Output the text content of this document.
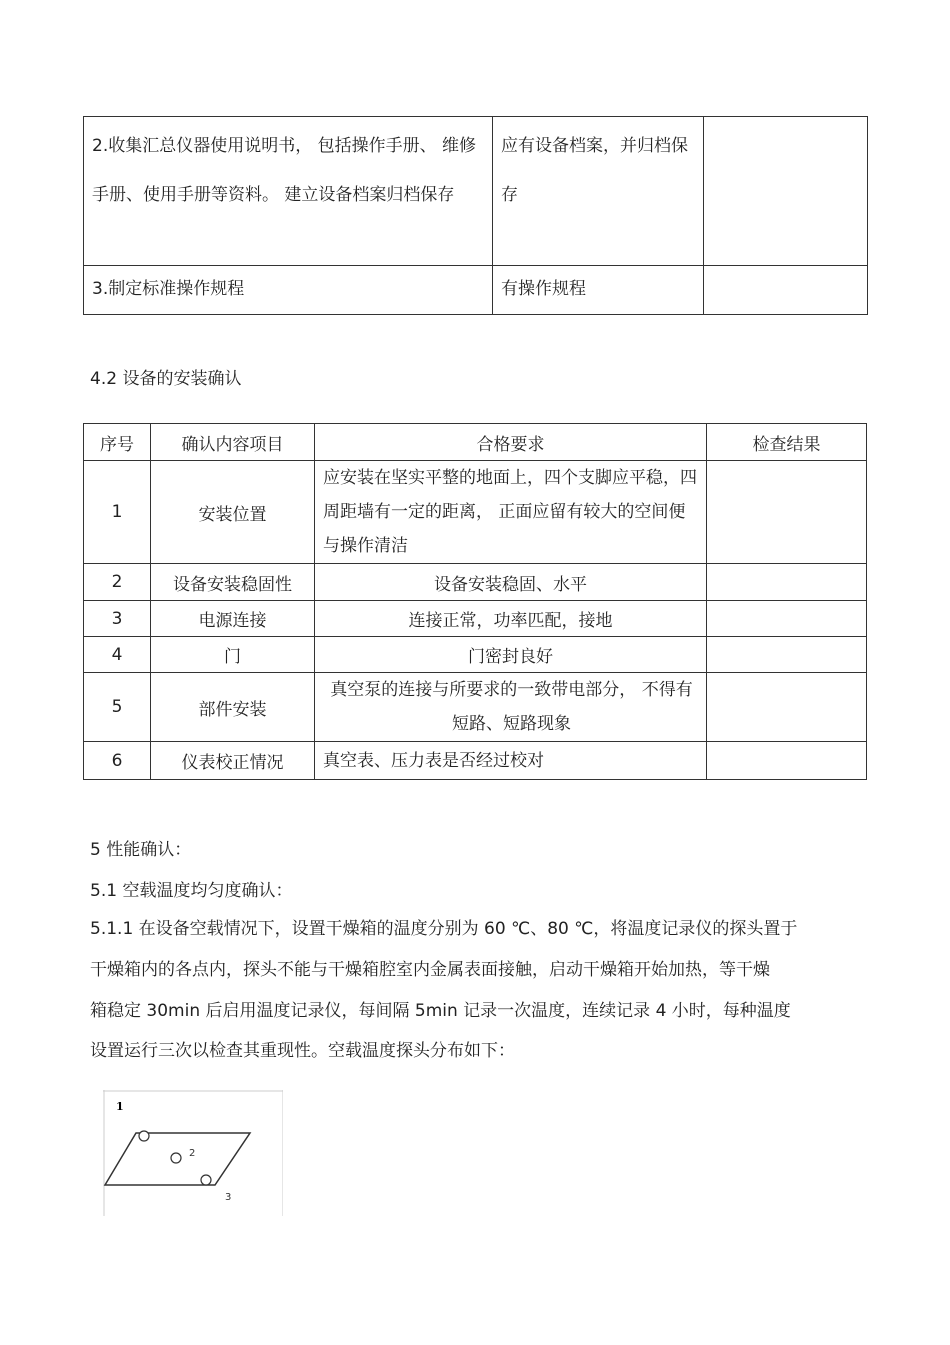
2.收集汇总仪器使用说明书， 包括操作手册、 维修手册、使用手册等资料。 建立设备档案归档保存	应有设备档案，并归档保存	
3.制定标准操作规程	有操作规程	
4.2 设备的安装确认
序号	确认内容项目	合格要求	检查结果
1	安装位置	应安装在坚实平整的地面上，四个支脚应平稳，四周距墙有一定的距离， 正面应留有较大的空间便与操作清洁	
2	设备安装稳固性	设备安装稳固、水平	
3	电源连接	连接正常，功率匹配，接地	
4	门	门密封良好	
5	部件安装	真空泵的连接与所要求的一致带电部分， 不得有短路、短路现象	
6	仪表校正情况	真空表、压力表是否经过校对	
5 性能确认：
5.1 空载温度均匀度确认：
5.1.1 在设备空载情况下，设置干燥箱的温度分别为 60 ℃、80 ℃，将温度记录仪的探头置于
干燥箱内的各点内，探头不能与干燥箱腔室内金属表面接触，启动干燥箱开始加热，等干燥
箱稳定 30min 后启用温度记录仪，每间隔 5min 记录一次温度，连续记录 4 小时，每种温度
设置运行三次以检查其重现性。空载温度探头分布如下：
1
2
3
